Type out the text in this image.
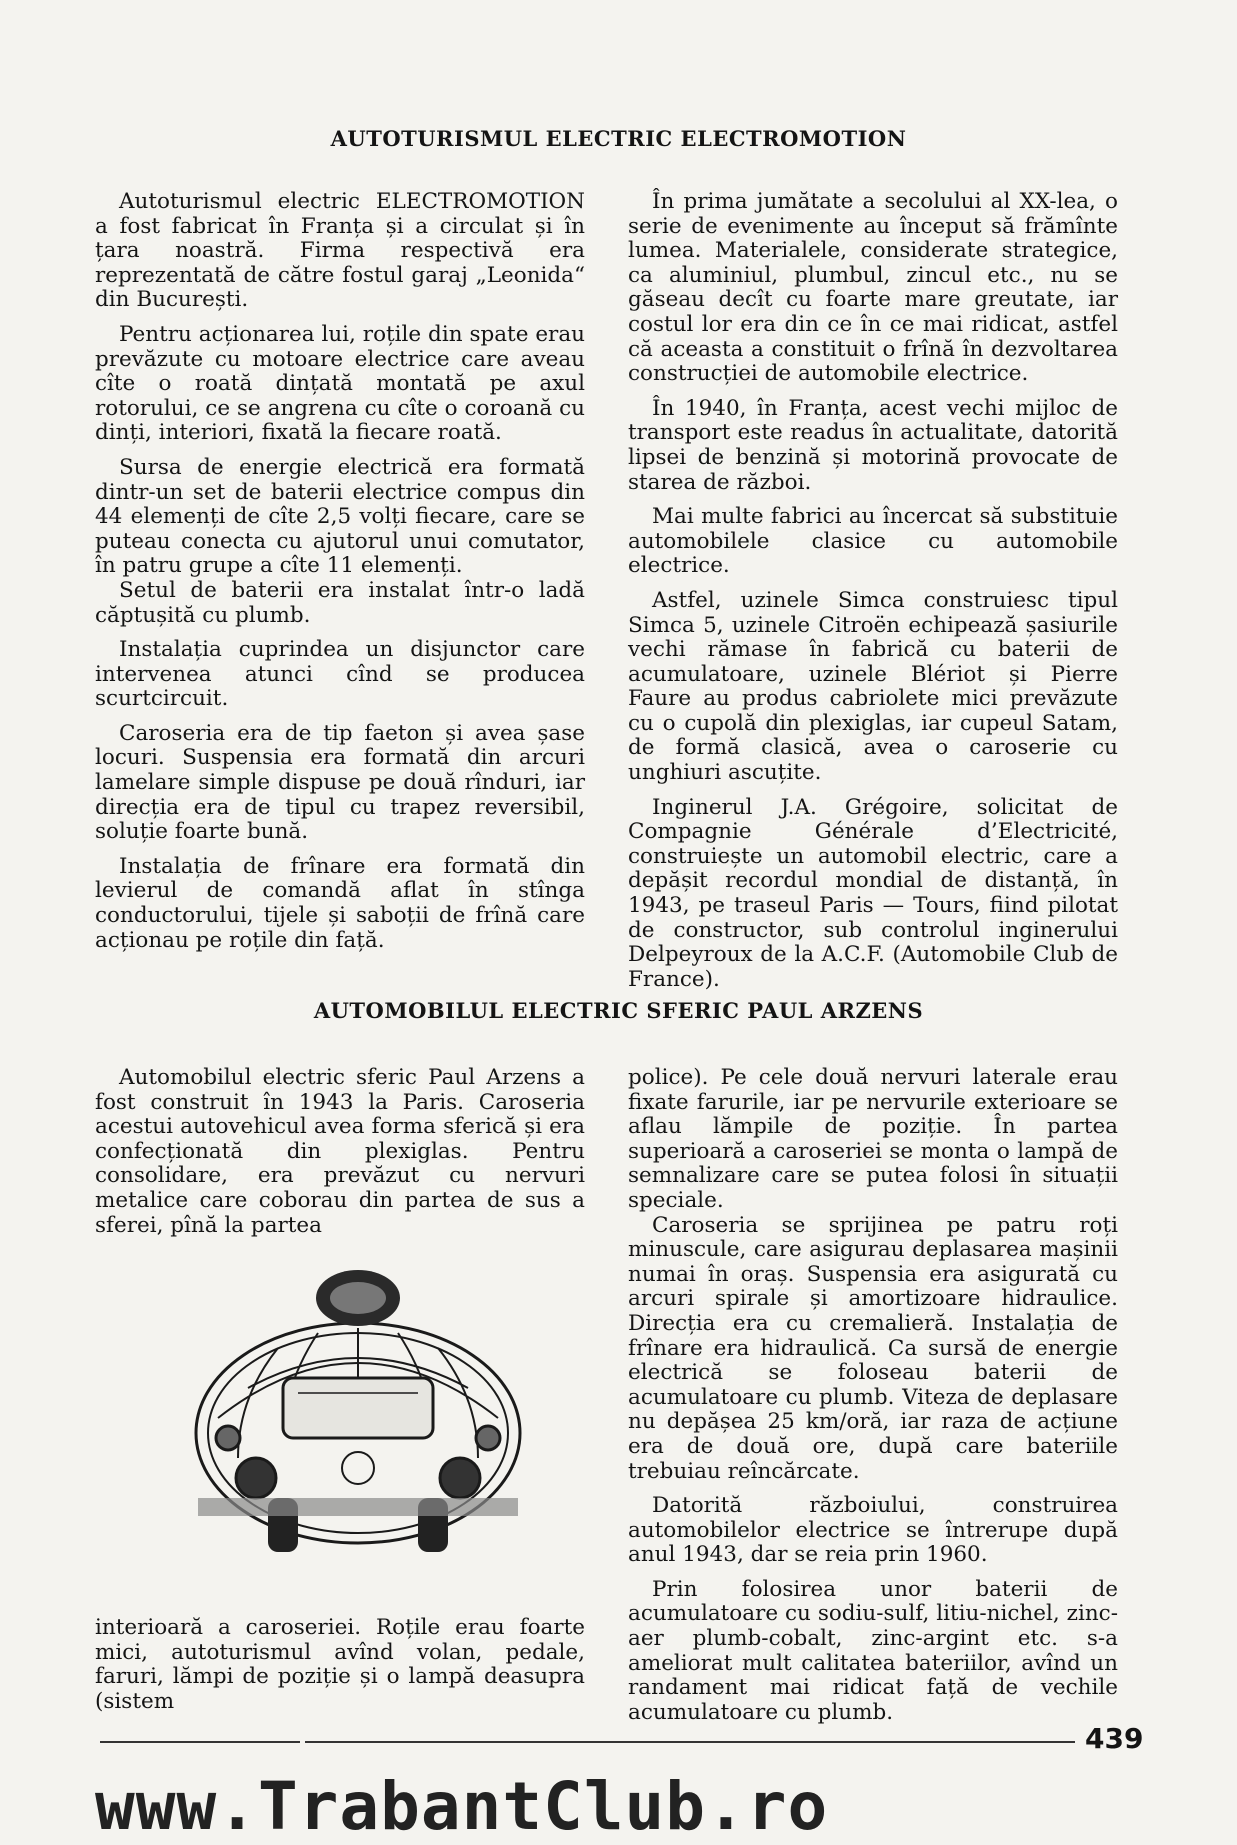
AUTOTURISMUL ELECTRIC ELECTROMOTION

Autoturismul electric ELECTROMOTION a fost fabricat în Franța și a circulat și în țara noastră. Firma respectivă era reprezentată de către fostul garaj „Leonida“ din București.

Pentru acționarea lui, roțile din spate erau prevăzute cu motoare electrice care aveau cîte o roată dințată montată pe axul rotorului, ce se angrena cu cîte o coroană cu dinți, interiori, fixată la fiecare roată.

Sursa de energie electrică era formată dintr-un set de baterii electrice compus din 44 elemenți de cîte 2,5 volți fiecare, care se puteau conecta cu ajutorul unui comutator, în patru grupe a cîte 11 elemenți.

Setul de baterii era instalat într-o ladă căptușită cu plumb.

Instalația cuprindea un disjunctor care intervenea atunci cînd se producea scurtcircuit.

Caroseria era de tip faeton și avea șase locuri. Suspensia era formată din arcuri lamelare simple dispuse pe două rînduri, iar direcția era de tipul cu trapez reversibil, soluție foarte bună.

Instalația de frînare era formată din levierul de comandă aflat în stînga conductorului, tijele și saboții de frînă care acționau pe roțile din față.

În prima jumătate a secolului al XX-lea, o serie de evenimente au început să frămînte lumea. Materialele, considerate strategice, ca aluminiul, plumbul, zincul etc., nu se găseau decît cu foarte mare greutate, iar costul lor era din ce în ce mai ridicat, astfel că aceasta a constituit o frînă în dezvoltarea construcției de automobile electrice.

În 1940, în Franța, acest vechi mijloc de transport este readus în actualitate, datorită lipsei de benzină și motorină provocate de starea de război.

Mai multe fabrici au încercat să substituie automobilele clasice cu automobile electrice.

Astfel, uzinele Simca construiesc tipul Simca 5, uzinele Citroën echipează șasiurile vechi rămase în fabrică cu baterii de acumulatoare, uzinele Blériot și Pierre Faure au produs cabriolete mici prevăzute cu o cupolă din plexiglas, iar cupeul Satam, de formă clasică, avea o caroserie cu unghiuri ascuțite.

Inginerul J.A. Grégoire, solicitat de Compagnie Générale d’Electricité, construiește un automobil electric, care a depășit recordul mondial de distanță, în 1943, pe traseul Paris — Tours, fiind pilotat de constructor, sub controlul inginerului Delpeyroux de la A.C.F. (Automobile Club de France).

AUTOMOBILUL ELECTRIC SFERIC PAUL ARZENS

Automobilul electric sferic Paul Arzens a fost construit în 1943 la Paris. Caroseria acestui autovehicul avea forma sferică și era confecționată din plexiglas. Pentru consolidare, era prevăzut cu nervuri metalice care coborau din partea de sus a sferei, pînă la partea

interioară a caroseriei. Roțile erau foarte mici, autoturismul avînd volan, pedale, faruri, lămpi de poziție și o lampă deasupra (sistem

police). Pe cele două nervuri laterale erau fixate farurile, iar pe nervurile exterioare se aflau lămpile de poziție. În partea superioară a caroseriei se monta o lampă de semnalizare care se putea folosi în situații speciale.

Caroseria se sprijinea pe patru roți minuscule, care asigurau deplasarea mașinii numai în oraș. Suspensia era asigurată cu arcuri spirale și amortizoare hidraulice. Direcția era cu cremalieră. Instalația de frînare era hidraulică. Ca sursă de energie electrică se foloseau baterii de acumulatoare cu plumb. Viteza de deplasare nu depășea 25 km/oră, iar raza de acțiune era de două ore, după care bateriile trebuiau reîncărcate.

Datorită războiului, construirea automobilelor electrice se întrerupe după anul 1943, dar se reia prin 1960.

Prin folosirea unor baterii de acumulatoare cu sodiu-sulf, litiu-nichel, zinc-aer plumb-cobalt, zinc-argint etc. s-a ameliorat mult calitatea bateriilor, avînd un randament mai ridicat față de vechile acumulatoare cu plumb.

439
www.TrabantClub.ro
